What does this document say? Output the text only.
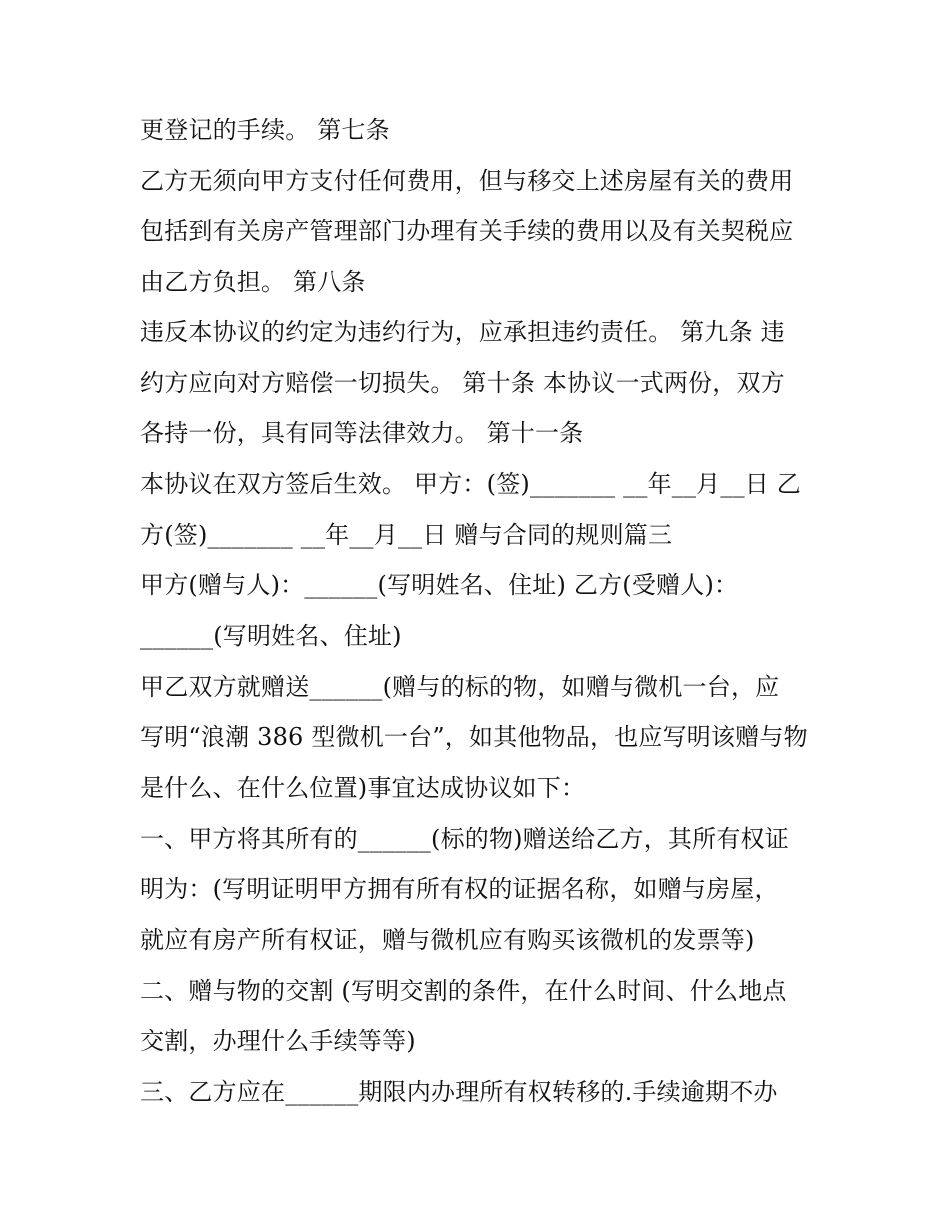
更登记的手续。 第七条
乙方无须向甲方支付任何费用，但与移交上述房屋有关的费用
包括到有关房产管理部门办理有关手续的费用以及有关契税应
由乙方负担。 第八条
违反本协议的约定为违约行为，应承担违约责任。 第九条 违
约方应向对方赔偿一切损失。 第十条 本协议一式两份，双方
各持一份，具有同等法律效力。 第十一条
本协议在双方签后生效。 甲方：(签)_______ __年__月__日 乙
方(签)_______ __年__月__日 赠与合同的规则篇三
甲方(赠与人)：______(写明姓名、住址) 乙方(受赠人)：
______(写明姓名、住址)
甲乙双方就赠送______(赠与的标的物，如赠与微机一台，应
写明“浪潮 386 型微机一台”，如其他物品，也应写明该赠与物
是什么、在什么位置)事宜达成协议如下：
一、甲方将其所有的______(标的物)赠送给乙方，其所有权证
明为：(写明证明甲方拥有所有权的证据名称，如赠与房屋，
就应有房产所有权证，赠与微机应有购买该微机的发票等)
二、赠与物的交割 (写明交割的条件，在什么时间、什么地点
交割，办理什么手续等等)
三、乙方应在______期限内办理所有权转移的.手续逾期不办
